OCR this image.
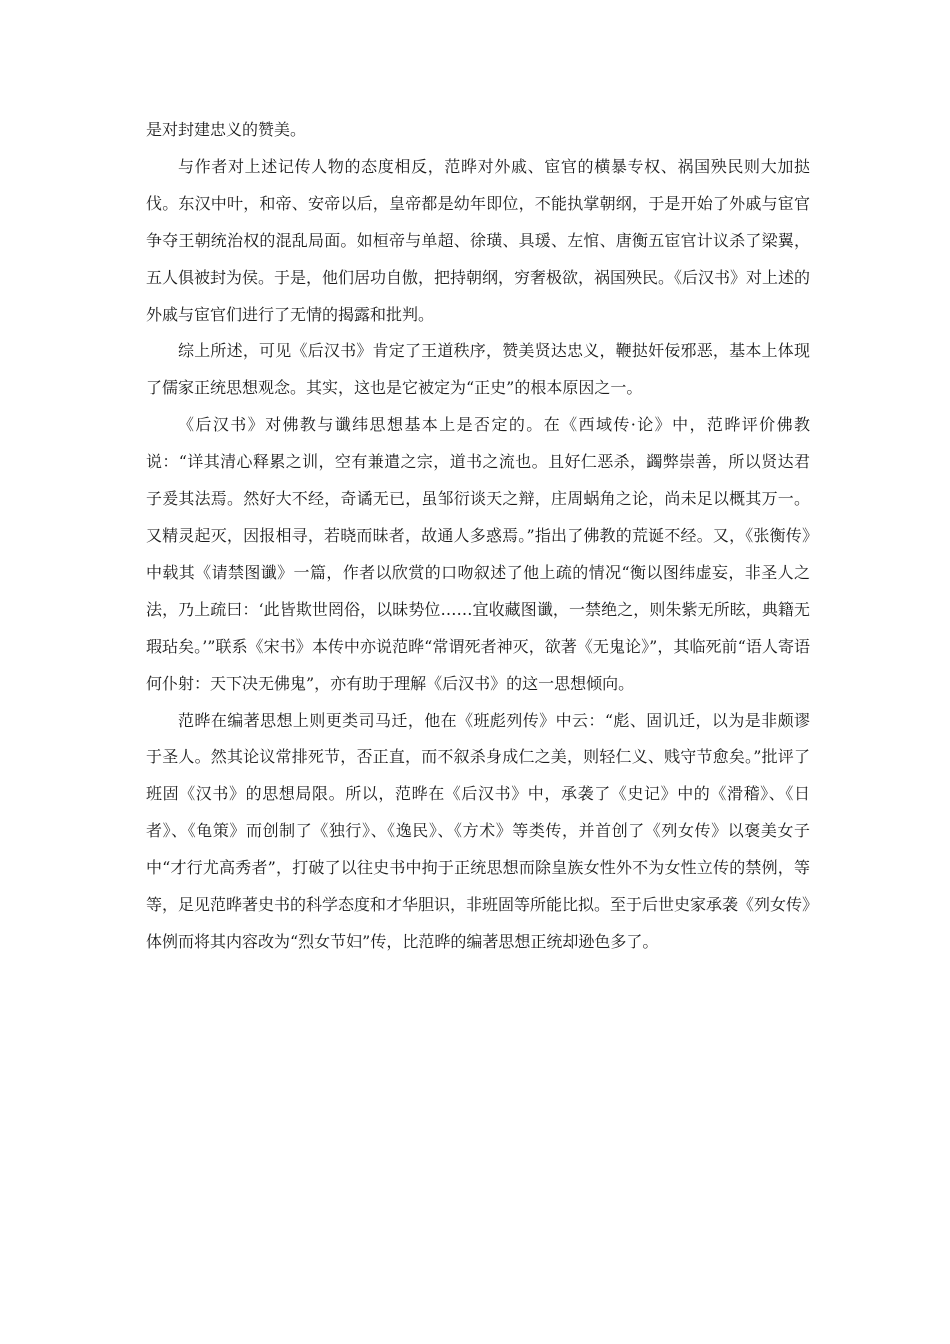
是对封建忠义的赞美。

与作者对上述记传人物的态度相反，范晔对外戚、宦官的横暴专权、祸国殃民则大加挞伐。东汉中叶，和帝、安帝以后，皇帝都是幼年即位，不能执掌朝纲，于是开始了外戚与宦官争夺王朝统治权的混乱局面。如桓帝与单超、徐璜、具瑗、左悺、唐衡五宦官计议杀了梁翼，五人俱被封为侯。于是，他们居功自傲，把持朝纲，穷奢极欲，祸国殃民。《后汉书》对上述的外戚与宦官们进行了无情的揭露和批判。

综上所述，可见《后汉书》肯定了王道秩序，赞美贤达忠义，鞭挞奸佞邪恶，基本上体现了儒家正统思想观念。其实，这也是它被定为“正史”的根本原因之一。

《后汉书》对佛教与谶纬思想基本上是否定的。在《西域传·论》中，范晔评价佛教说：“详其清心释累之训，空有兼遣之宗，道书之流也。且好仁恶杀，蠲弊崇善，所以贤达君子爰其法焉。然好大不经，奇谲无已，虽邹衍谈天之辩，庄周蜗角之论，尚未足以概其万一。又精灵起灭，因报相寻，若晓而昧者，故通人多惑焉。”指出了佛教的荒诞不经。又，《张衡传》中载其《请禁图谶》一篇，作者以欣赏的口吻叙述了他上疏的情况“衡以图纬虚妄，非圣人之法，乃上疏曰：‘此皆欺世罔俗，以昧势位……宜收藏图谶，一禁绝之，则朱紫无所眩，典籍无瑕玷矣。’”联系《宋书》本传中亦说范晔“常谓死者神灭，欲著《无鬼论》”，其临死前“语人寄语何仆射：天下决无佛鬼”，亦有助于理解《后汉书》的这一思想倾向。

范晔在编著思想上则更类司马迁，他在《班彪列传》中云：“彪、固讥迁，以为是非颇谬于圣人。然其论议常排死节，否正直，而不叙杀身成仁之美，则轻仁义、贱守节愈矣。”批评了班固《汉书》的思想局限。所以，范晔在《后汉书》中，承袭了《史记》中的《滑稽》、《日者》、《龟策》而创制了《独行》、《逸民》、《方术》等类传，并首创了《列女传》以褒美女子中“才行尤高秀者”，打破了以往史书中拘于正统思想而除皇族女性外不为女性立传的禁例，等等，足见范晔著史书的科学态度和才华胆识，非班固等所能比拟。至于后世史家承袭《列女传》体例而将其内容改为“烈女节妇”传，比范晔的编著思想正统却逊色多了。
